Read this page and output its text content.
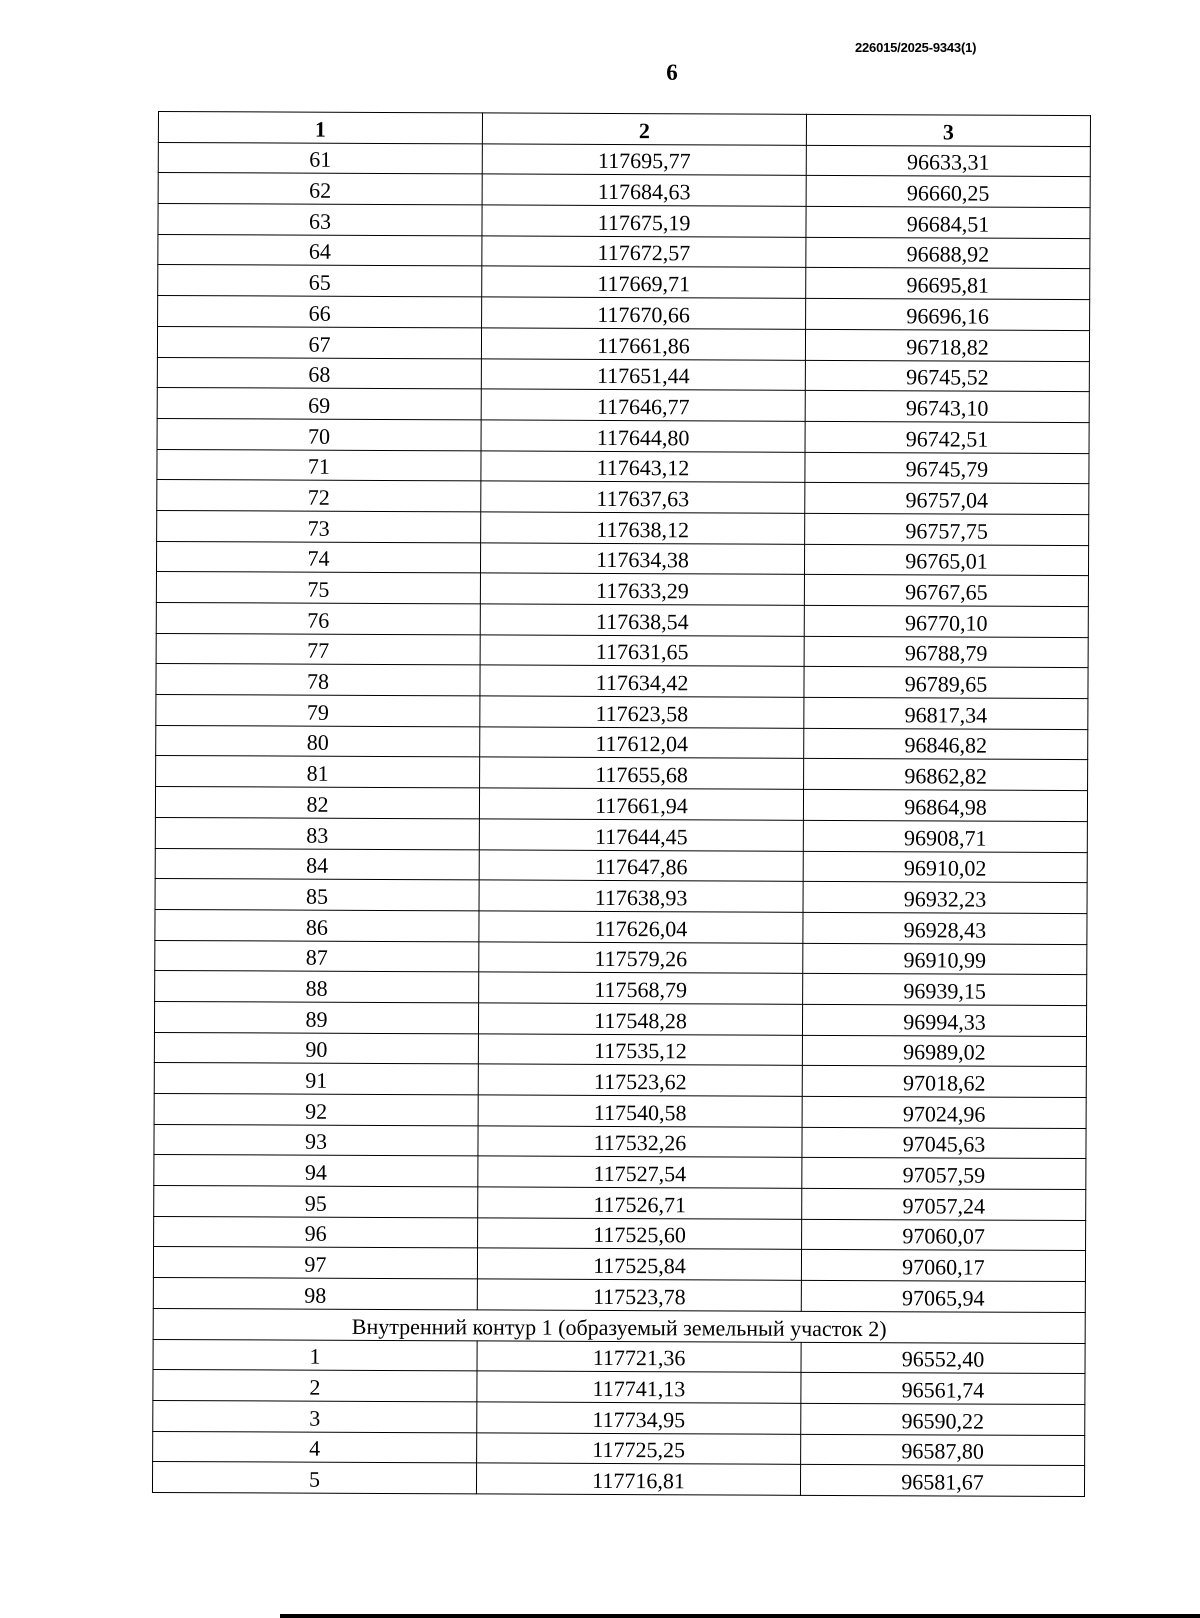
226015/2025-9343(1)
6
1	2	3
61	117695,77	96633,31
62	117684,63	96660,25
63	117675,19	96684,51
64	117672,57	96688,92
65	117669,71	96695,81
66	117670,66	96696,16
67	117661,86	96718,82
68	117651,44	96745,52
69	117646,77	96743,10
70	117644,80	96742,51
71	117643,12	96745,79
72	117637,63	96757,04
73	117638,12	96757,75
74	117634,38	96765,01
75	117633,29	96767,65
76	117638,54	96770,10
77	117631,65	96788,79
78	117634,42	96789,65
79	117623,58	96817,34
80	117612,04	96846,82
81	117655,68	96862,82
82	117661,94	96864,98
83	117644,45	96908,71
84	117647,86	96910,02
85	117638,93	96932,23
86	117626,04	96928,43
87	117579,26	96910,99
88	117568,79	96939,15
89	117548,28	96994,33
90	117535,12	96989,02
91	117523,62	97018,62
92	117540,58	97024,96
93	117532,26	97045,63
94	117527,54	97057,59
95	117526,71	97057,24
96	117525,60	97060,07
97	117525,84	97060,17
98	117523,78	97065,94
Внутренний контур 1 (образуемый земельный участок 2)		
1	117721,36	96552,40
2	117741,13	96561,74
3	117734,95	96590,22
4	117725,25	96587,80
5	117716,81	96581,67
